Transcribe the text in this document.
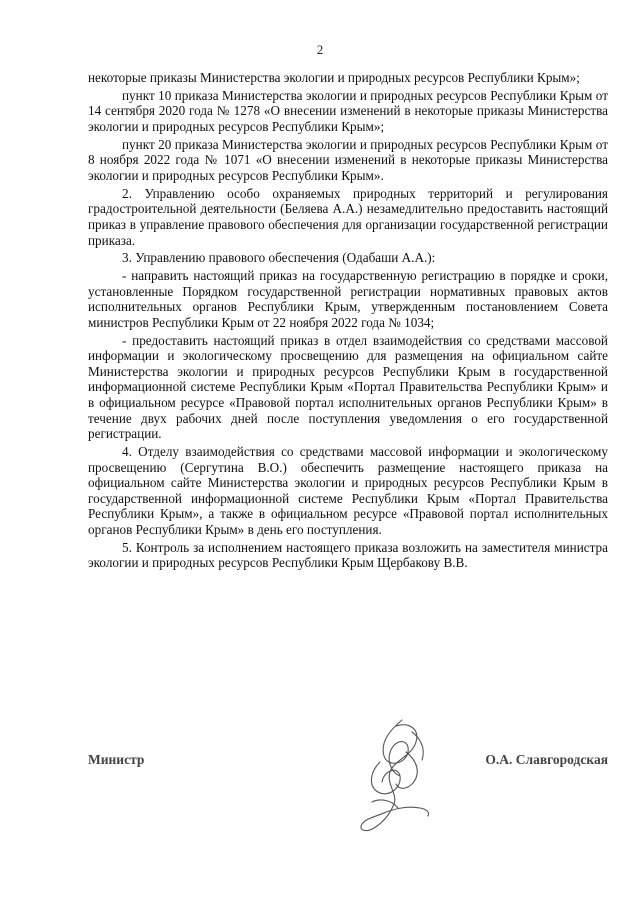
2

некоторые приказы Министерства экологии и природных ресурсов Республики Крым»;

пункт 10 приказа Министерства экологии и природных ресурсов Республики Крым от 14 сентября 2020 года № 1278 «О внесении изменений в некоторые приказы Министерства экологии и природных ресурсов Республики Крым»;

пункт 20 приказа Министерства экологии и природных ресурсов Республики Крым от 8 ноября 2022 года № 1071 «О внесении изменений в некоторые приказы Министерства экологии и природных ресурсов Республики Крым».

2. Управлению особо охраняемых природных территорий и регулирования градостроительной деятельности (Беляева А.А.) незамедлительно предоставить настоящий приказ в управление правового обеспечения для организации государственной регистрации приказа.

3. Управлению правового обеспечения (Одабаши А.А.):

- направить настоящий приказ на государственную регистрацию в порядке и сроки, установленные Порядком государственной регистрации нормативных правовых актов исполнительных органов Республики Крым, утвержденным постановлением Совета министров Республики Крым от 22 ноября 2022 года № 1034;

- предоставить настоящий приказ в отдел взаимодействия со средствами массовой информации и экологическому просвещению для размещения на официальном сайте Министерства экологии и природных ресурсов Республики Крым в государственной информационной системе Республики Крым «Портал Правительства Республики Крым» и в официальном ресурсе «Правовой портал исполнительных органов Республики Крым» в течение двух рабочих дней после поступления уведомления о его государственной регистрации.

4. Отделу взаимодействия со средствами массовой информации и экологическому просвещению (Сергутина В.О.) обеспечить размещение настоящего приказа на официальном сайте Министерства экологии и природных ресурсов Республики Крым в государственной информационной системе Республики Крым «Портал Правительства Республики Крым», а также в официальном ресурсе «Правовой портал исполнительных органов Республики Крым» в день его поступления.

5. Контроль за исполнением настоящего приказа возложить на заместителя министра экологии и природных ресурсов Республики Крым Щербакову В.В.

Министр	О.А. Славгородская
